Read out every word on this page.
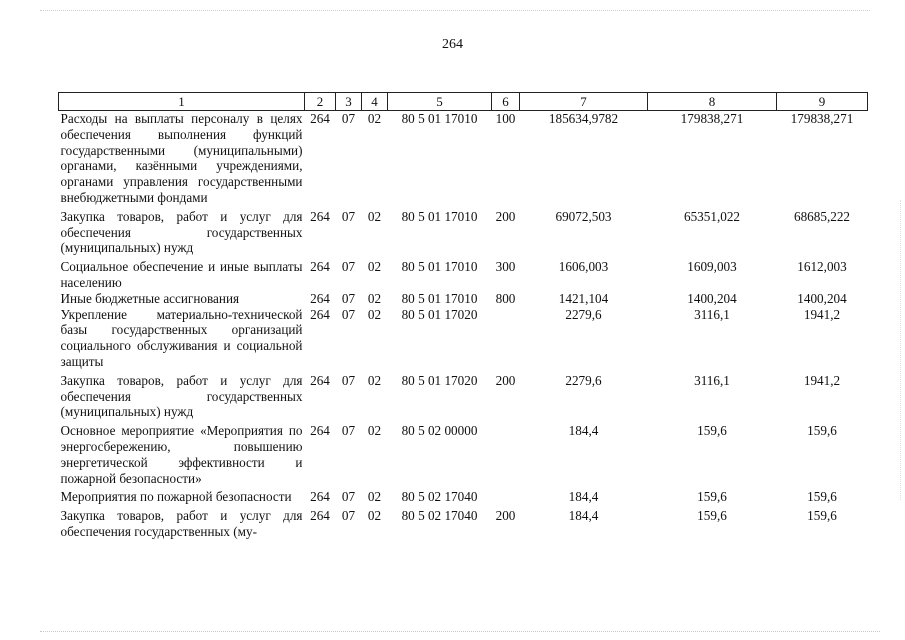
264
1	2	3	4	5	6	7	8	9
Расходы на выплаты персоналу в целях обеспечения выполнения функций государственными (муниципальными) органами, казёнными учреждениями, органами управления государственными внебюджетными фондами	264	07	02	80 5 01 17010	100	185634,9782	179838,271	179838,271
Закупка товаров, работ и услуг для обеспечения государственных (муниципальных) нужд	264	07	02	80 5 01 17010	200	69072,503	65351,022	68685,222
Социальное обеспечение и иные выплаты населению	264	07	02	80 5 01 17010	300	1606,003	1609,003	1612,003
Иные бюджетные ассигнования	264	07	02	80 5 01 17010	800	1421,104	1400,204	1400,204
Укрепление материально-технической базы государственных организаций социального обслуживания и социальной защиты	264	07	02	80 5 01 17020		2279,6	3116,1	1941,2
Закупка товаров, работ и услуг для обеспечения государственных (муниципальных) нужд	264	07	02	80 5 01 17020	200	2279,6	3116,1	1941,2
Основное мероприятие «Мероприятия по энергосбережению, повышению энергетической эффективности и пожарной безопасности»	264	07	02	80 5 02 00000		184,4	159,6	159,6
Мероприятия по пожарной безопасности	264	07	02	80 5 02 17040		184,4	159,6	159,6
Закупка товаров, работ и услуг для обеспечения государственных (му-	264	07	02	80 5 02 17040	200	184,4	159,6	159,6
